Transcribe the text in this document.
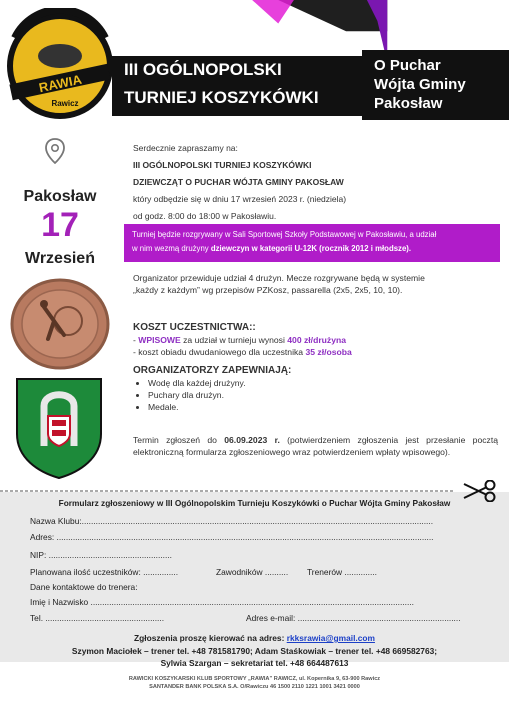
RAWIA
Rawicz
III OGÓLNOPOLSKI
TURNIEJ KOSZYKÓWKI
O Puchar
Wójta Gminy
Pakosław
Serdecznie zapraszamy na:
III OGÓLNOPOLSKI TURNIEJ KOSZYKÓWKI
DZIEWCZĄT O PUCHAR WÓJTA GMINY PAKOSŁAW
który odbędzie się w dniu 17 wrzesień 2023 r. (niedziela)
od godz. 8:00 do 18:00 w Pakosławiu.
Pakosław
17
Wrzesień
Turniej będzie rozgrywany w Sali Sportowej Szkoły Podstawowej w Pakosławiu, a udział
w nim wezmą drużyny dziewczyn w kategorii U-12K (rocznik 2012 i młodsze).
Organizator przewiduje udział 4 drużyn. Mecze rozgrywane będą w systemie
„każdy z każdym” wg przepisów PZKosz, passarella (2x5, 2x5, 10, 10).
KOSZT UCZESTNICTWA::
- WPISOWE za udział w turnieju wynosi 400 zł/drużyna
- koszt obiadu dwudaniowego dla uczestnika 35 zł/osoba
ORGANIZATORZY ZAPEWNIAJĄ:
• Wodę dla każdej drużyny.
• Puchary dla drużyn.
• Medale.
Termin zgłoszeń do 06.09.2023 r. (potwierdzeniem zgłoszenia jest przesłanie pocztą elektroniczną formularza zgłoszeniowego wraz potwierdzeniem wpłaty wpisowego).
Formularz zgłoszeniowy w III Ogólnopolskim Turnieju Koszykówki o Puchar Wójta Gminy Pakosław
Nazwa Klubu:.......................................................................................................................................................
Adres: ..................................................................................................................................................................
NIP: .....................................................
Planowana ilość uczestników: ...............	Zawodników .......... Trenerów ..............
Dane kontaktowe do trenera:
Imię i Nazwisko ...........................................................................................................................................
Tel. ...................................................	Adres e-mail: ......................................................................
Zgłoszenia proszę kierować na adres: rkksrawia@gmail.com
Szymon Maciołek – trener tel. +48 781581790; Adam Staśkowiak – trener tel. +48 669582763;
Sylwia Szargan – sekretariat tel. +48 664487613
RAWICKI KOSZYKARSKI KLUB SPORTOWY „RAWIA” RAWICZ, ul. Kopernika 9, 63-900 Rawicz
SANTANDER BANK POLSKA S.A. O/Rawiczu 46 1500 2110 1221 1001 3421 0000
